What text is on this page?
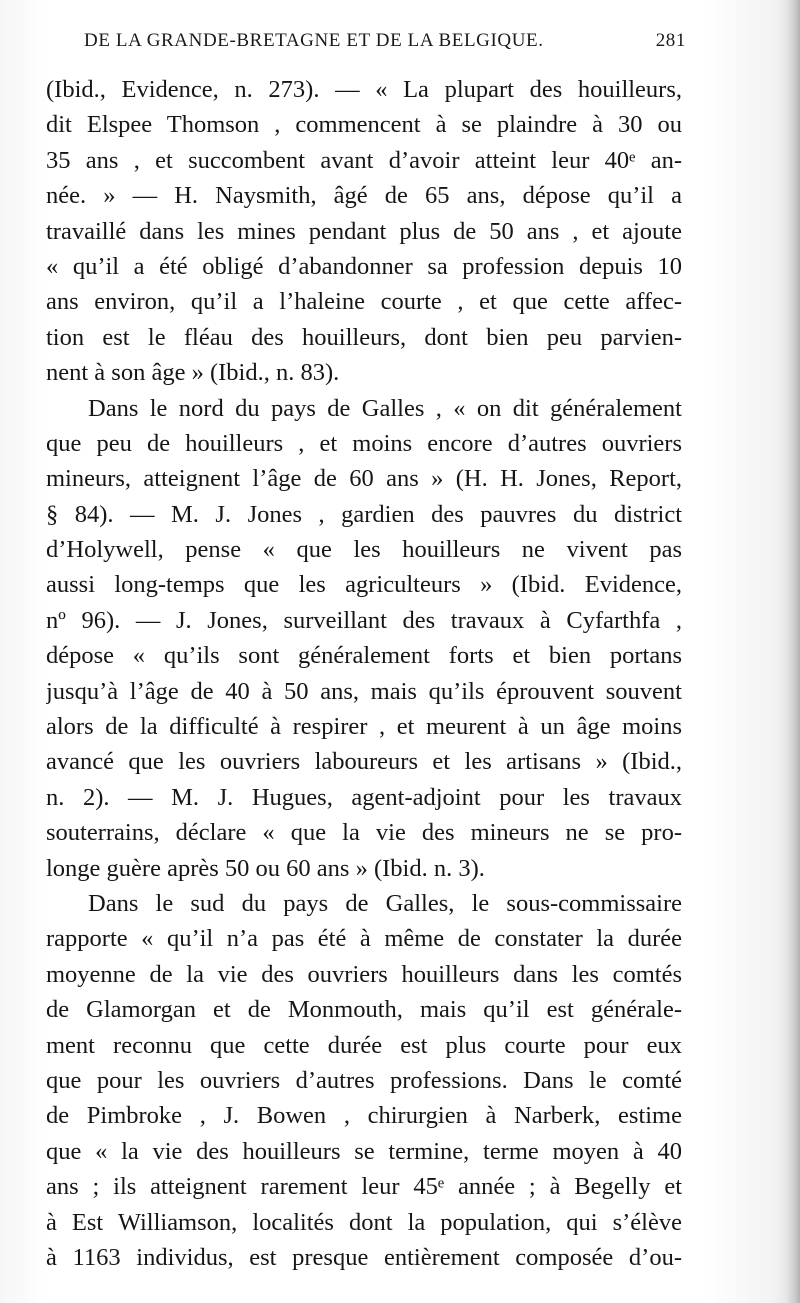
DE LA GRANDE-BRETAGNE ET DE LA BELGIQUE.	281
(Ibid., Evidence, n. 273). — « La plupart des houilleurs,
dit Elspee Thomson , commencent à se plaindre à 30 ou
35 ans , et succombent avant d’avoir atteint leur 40ᵉ an-
née. » — H. Naysmith, âgé de 65 ans, dépose qu’il a
travaillé dans les mines pendant plus de 50 ans , et ajoute
« qu’il a été obligé d’abandonner sa profession depuis 10
ans environ, qu’il a l’haleine courte , et que cette affec-
tion est le fléau des houilleurs, dont bien peu parvien-
nent à son âge » (Ibid., n. 83).
Dans le nord du pays de Galles , « on dit généralement
que peu de houilleurs , et moins encore d’autres ouvriers
mineurs, atteignent l’âge de 60 ans » (H. H. Jones, Report,
§ 84). — M. J. Jones , gardien des pauvres du district
d’Holywell, pense « que les houilleurs ne vivent pas
aussi long-temps que les agriculteurs » (Ibid. Evidence,
nº 96). — J. Jones, surveillant des travaux à Cyfarthfa ,
dépose « qu’ils sont généralement forts et bien portans
jusqu’à l’âge de 40 à 50 ans, mais qu’ils éprouvent souvent
alors de la difficulté à respirer , et meurent à un âge moins
avancé que les ouvriers laboureurs et les artisans » (Ibid.,
n. 2). — M. J. Hugues, agent-adjoint pour les travaux
souterrains, déclare « que la vie des mineurs ne se pro-
longe guère après 50 ou 60 ans » (Ibid. n. 3).
Dans le sud du pays de Galles, le sous-commissaire
rapporte « qu’il n’a pas été à même de constater la durée
moyenne de la vie des ouvriers houilleurs dans les comtés
de Glamorgan et de Monmouth, mais qu’il est générale-
ment reconnu que cette durée est plus courte pour eux
que pour les ouvriers d’autres professions. Dans le comté
de Pimbroke , J. Bowen , chirurgien à Narberk, estime
que « la vie des houilleurs se termine, terme moyen à 40
ans ; ils atteignent rarement leur 45ᵉ année ; à Begelly et
à Est Williamson, localités dont la population, qui s’élève
à 1163 individus, est presque entièrement composée d’ou-
